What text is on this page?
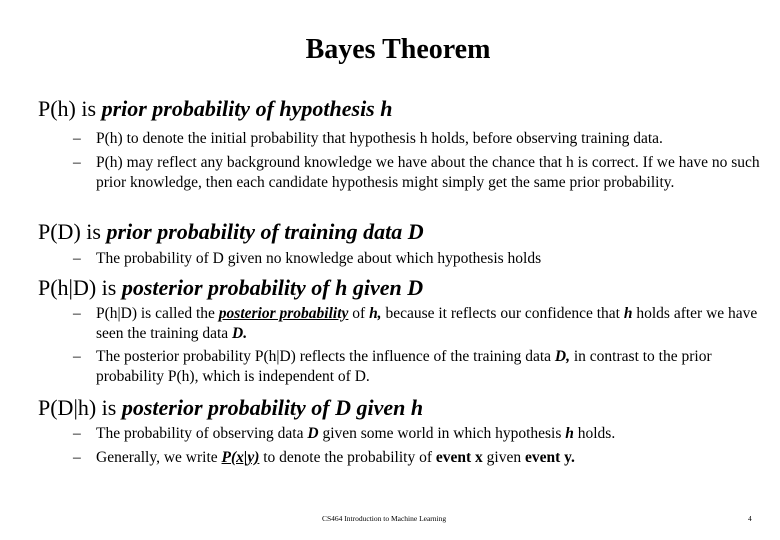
Bayes Theorem
P(h) is prior probability of hypothesis h
– P(h) to denote the initial probability that hypothesis h holds, before observing training data.
– P(h) may reflect any background knowledge we have about the chance that h is correct. If we have no such prior knowledge, then each candidate hypothesis might simply get the same prior probability.
P(D) is prior probability of training data D
– The probability of D given no knowledge about which hypothesis holds
P(h|D) is posterior probability of h given D
– P(h|D) is called the posterior probability of h, because it reflects our confidence that h holds after we have seen the training data D.
– The posterior probability P(h|D) reflects the influence of the training data D, in contrast to the prior probability P(h), which is independent of D.
P(D|h) is posterior probability of D given h
– The probability of observing data D given some world in which hypothesis h holds.
– Generally, we write P(x|y) to denote the probability of event x given event y.
CS464 Introduction to Machine Learning	4
